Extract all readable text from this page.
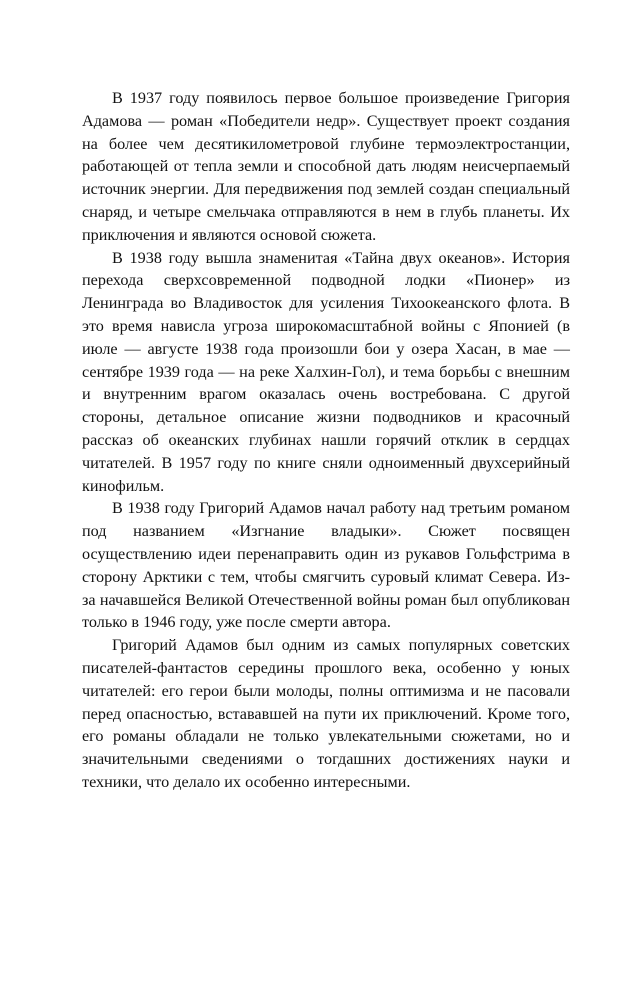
В 1937 году появилось первое большое произведение Григория Адамова — роман «Победители недр». Существует проект создания на более чем десятикилометровой глубине термоэлектростанции, работающей от тепла земли и способной дать людям неисчерпаемый источник энергии. Для передвижения под землей создан специальный снаряд, и четыре смельчака отправляются в нем в глубь планеты. Их приключения и являются основой сюжета.

В 1938 году вышла знаменитая «Тайна двух океанов». История перехода сверхсовременной подводной лодки «Пионер» из Ленинграда во Владивосток для усиления Тихоокеанского флота. В это время нависла угроза широкомасштабной войны с Японией (в июле — августе 1938 года произошли бои у озера Хасан, в мае — сентябре 1939 года — на реке Халхин-Гол), и тема борьбы с внешним и внутренним врагом оказалась очень востребована. С другой стороны, детальное описание жизни подводников и красочный рассказ об океанских глубинах нашли горячий отклик в сердцах читателей. В 1957 году по книге сняли одноименный двухсерийный кинофильм.

В 1938 году Григорий Адамов начал работу над третьим романом под названием «Изгнание владыки». Сюжет посвящен осуществлению идеи перенаправить один из рукавов Гольфстрима в сторону Арктики с тем, чтобы смягчить суровый климат Севера. Из-за начавшейся Великой Отечественной войны роман был опубликован только в 1946 году, уже после смерти автора.

Григорий Адамов был одним из самых популярных советских писателей-фантастов середины прошлого века, особенно у юных читателей: его герои были молоды, полны оптимизма и не пасовали перед опасностью, встававшей на пути их приключений. Кроме того, его романы обладали не только увлекательными сюжетами, но и значительными сведениями о тогдашних достижениях науки и техники, что делало их особенно интересными.
